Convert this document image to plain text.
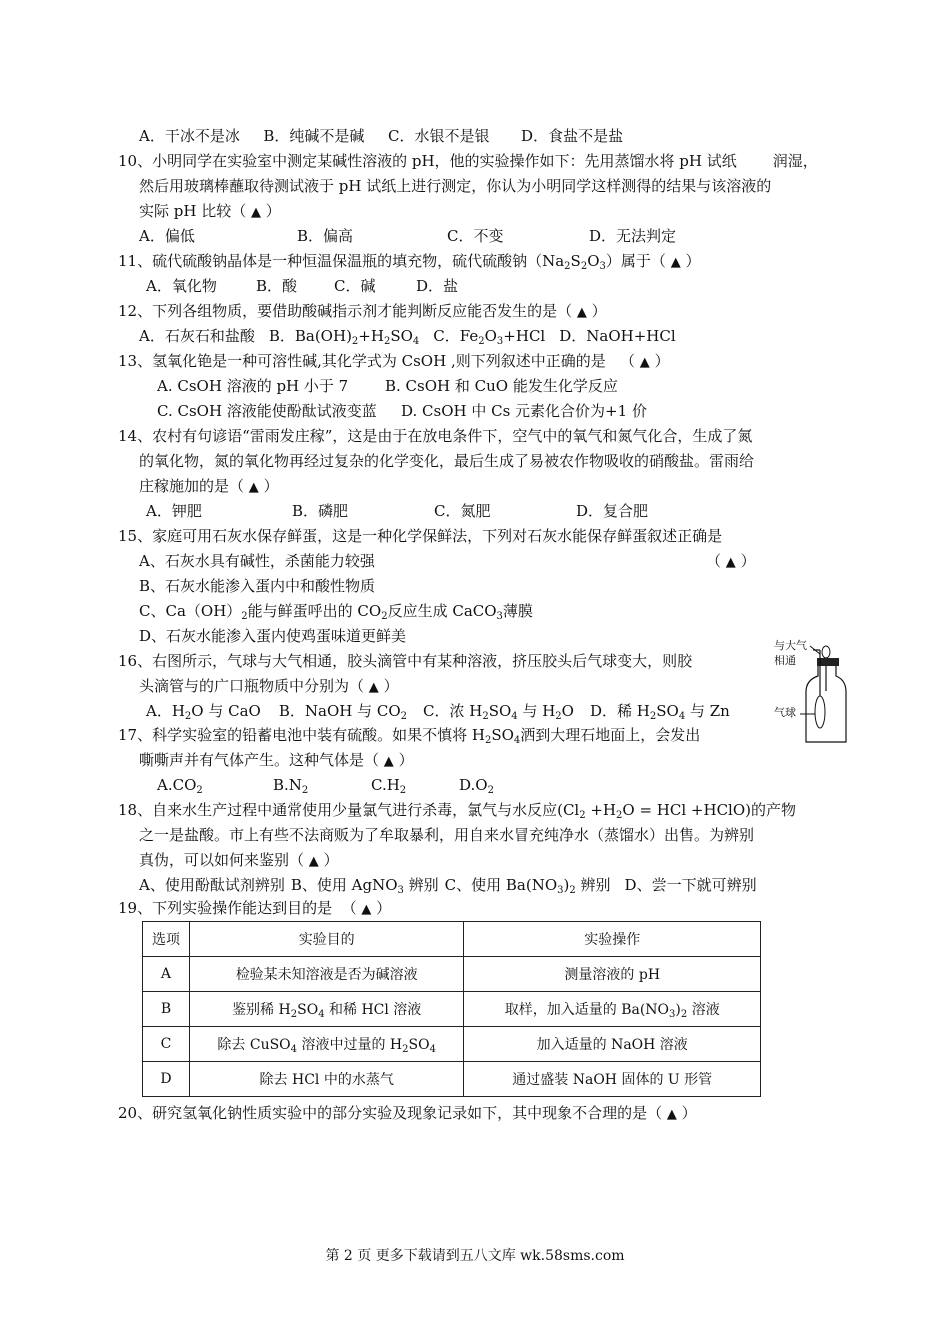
A．干冰不是冰 B．纯碱不是碱 C．水银不是银 D．食盐不是盐
10、小明同学在实验室中测定某碱性溶液的 pH，他的实验操作如下：先用蒸馏水将 pH 试纸 润湿，
然后用玻璃棒蘸取待测试液于 pH 试纸上进行测定，你认为小明同学这样测得的结果与该溶液的
实际 pH 比较（ ▲ ）
A．偏低	B．偏高	C．不变	D．无法判定
11、硫代硫酸钠晶体是一种恒温保温瓶的填充物，硫代硫酸钠$(Na_2S_2O_3)$属于（ ▲ ）
A．氧化物	B．酸 C．碱	D．盐
12、下列各组物质，要借助酸碱指示剂才能判断反应能否发生的是（ ▲ ）
A．石灰石和盐酸 B．$Ba(OH)_2+H_2SO_4$ C．$Fe_2O_3+HCl$ D．NaOH+HCl
13、氢氧化铯是一种可溶性碱,其化学式为 CsOH ,则下列叙述中正确的是   （ ▲ ）
A. CsOH 溶液的 pH 小于 7 B. CsOH 和 CuO 能发生化学反应
C. CsOH 溶液能使酚酞试液变蓝 D. CsOH 中 Cs 元素化合价为+1 价
14、农村有句谚语“雷雨发庄稼”，这是由于在放电条件下，空气中的氧气和氮气化合，生成了氮
的氧化物，氮的氧化物再经过复杂的化学变化，最后生成了易被农作物吸收的硝酸盐。雷雨给
庄稼施加的是（ ▲ ）
A．钾肥	B．磷肥	C．氮肥	D．复合肥
15、家庭可用石灰水保存鲜蛋，这是一种化学保鲜法，下列对石灰水能保存鲜蛋叙述正确是
A、石灰水具有碱性，杀菌能力较强	（ ▲ ）
B、石灰水能渗入蛋内中和酸性物质
C、$Ca(OH)_2$能与鲜蛋呼出的 $CO_2$反应生成 CaCO$_3$薄膜
D、石灰水能渗入蛋内使鸡蛋味道更鲜美
16、右图所示，气球与大气相通，胶头滴管中有某种溶液，挤压胶头后气球变大，则胶
头滴管与的广口瓶物质中分别为（ ▲ ）
A．$H_2O$ 与 CaO B．NaOH 与 $CO_2$ C．浓 $H_2SO_4$ 与 $H_2O$ D．稀 $H_2SO_4$ 与 Zn
与大气
相通
气球
17、科学实验室的铅蓄电池中装有硫酸。如果不慎将 $H_2SO_4$洒到大理石地面上，会发出
嘶嘶声并有气体产生。这种气体是（ ▲ ）
$A.CO_2$	$B.N_2$	$C.H_2$	$D.O_2$
18、自来水生产过程中通常使用少量氯气进行杀毒，氯气与水反应($Cl_2 +H_2O$ = HCl +HClO)的产物
之一是盐酸。市上有些不法商贩为了牟取暴利，用自来水冒充纯净水（蒸馏水）出售。为辨别
真伪，可以如何来鉴别（ ▲ ）
A、使用酚酞试剂辨别 B、使用 AgNO$_3$ 辨别 C、使用 $Ba(NO_3)_2$ 辨别 D、尝一下就可辨别
19、下列实验操作能达到目的是  （ ▲ ）
选项	实验目的	实验操作
A	检验某未知溶液是否为碱溶液	测量溶液的 pH
B	鉴别稀 $H_2SO_4$ 和稀 HCl 溶液	取样，加入适量的 $Ba(NO_3)_2$ 溶液
C	除去 CuSO$_4$ 溶液中过量的 $H_2SO_4$	加入适量的 NaOH 溶液
D	除去 HCl 中的水蒸气	通过盛装 NaOH 固体的 U 形管
20、研究氢氧化钠性质实验中的部分实验及现象记录如下，其中现象不合理的是（ ▲ ）
第 2 页 更多下载请到五八文库 wk.58sms.com
